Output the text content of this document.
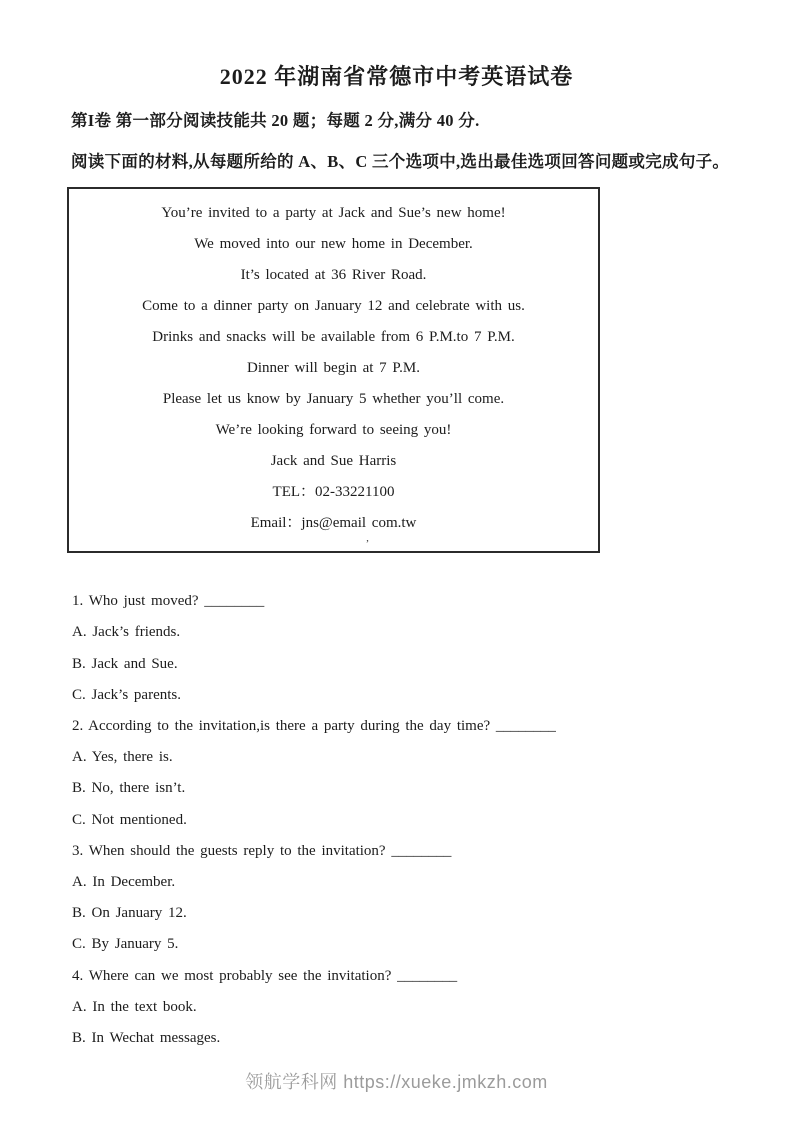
2022 年湖南省常德市中考英语试卷

第I卷 第一部分阅读技能共 20 题；每题 2 分,满分 40 分.

阅读下面的材料,从每题所给的 A、B、C 三个选项中,选出最佳选项回答问题或完成句子。

You’re invited to a party at Jack and Sue’s new home!

We moved into our new home in December.

It’s located at 36 River Road.

Come to a dinner party on January 12 and celebrate with us.

Drinks and snacks will be available from 6 P.M.to 7 P.M.

Dinner will begin at 7 P.M.

Please let us know by January 5 whether you’ll come.

We’re looking forward to seeing you!

Jack and Sue Harris

TEL：02-33221100

Email：jns@email com.tw

’

1. Who just moved? ________

A. Jack’s friends.

B. Jack and Sue.

C. Jack’s parents.

2. According to the invitation,is there a party during the day time? ________

A. Yes, there is.

B. No, there isn’t.

C. Not mentioned.

3. When should the guests reply to the invitation? ________

A. In December.

B. On January 12.

C. By January 5.

4. Where can we most probably see the invitation? ________

A. In the text book.

B. In Wechat messages.

领航学科网 https://xueke.jmkzh.com
